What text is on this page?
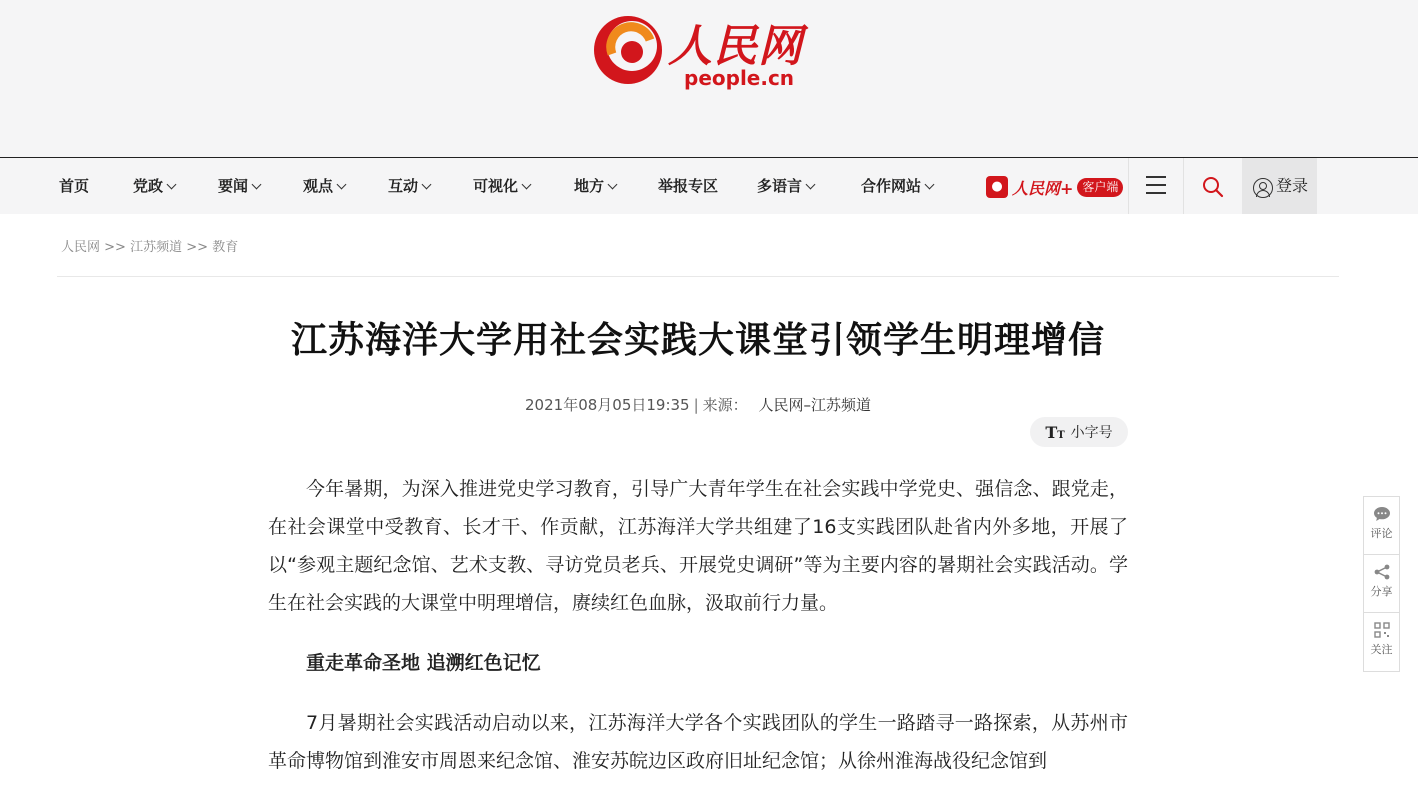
人民网
people.cn
首页	党政	要闻	观点	互动	可视化	地方	举报专区	多语言	合作网站	● 人民网+ 客户端	登录
人民网 >> 江苏频道 >> 教育
江苏海洋大学用社会实践大课堂引领学生明理增信
2021年08月05日19:35 | 来源： 人民网–江苏频道
TT 小字号

今年暑期，为深入推进党史学习教育，引导广大青年学生在社会实践中学党史、强信念、跟党走，在社会课堂中受教育、长才干、作贡献，江苏海洋大学共组建了16支实践团队赴省内外多地，开展了以“参观主题纪念馆、艺术支教、寻访党员老兵、开展党史调研”等为主要内容的暑期社会实践活动。学生在社会实践的大课堂中明理增信，赓续红色血脉，汲取前行力量。

重走革命圣地 追溯红色记忆

7月暑期社会实践活动启动以来，江苏海洋大学各个实践团队的学生一路踏寻一路探索，从苏州市革命博物馆到淮安市周恩来纪念馆、淮安苏皖边区政府旧址纪念馆；从徐州淮海战役纪念馆到

评论
分享
关注
